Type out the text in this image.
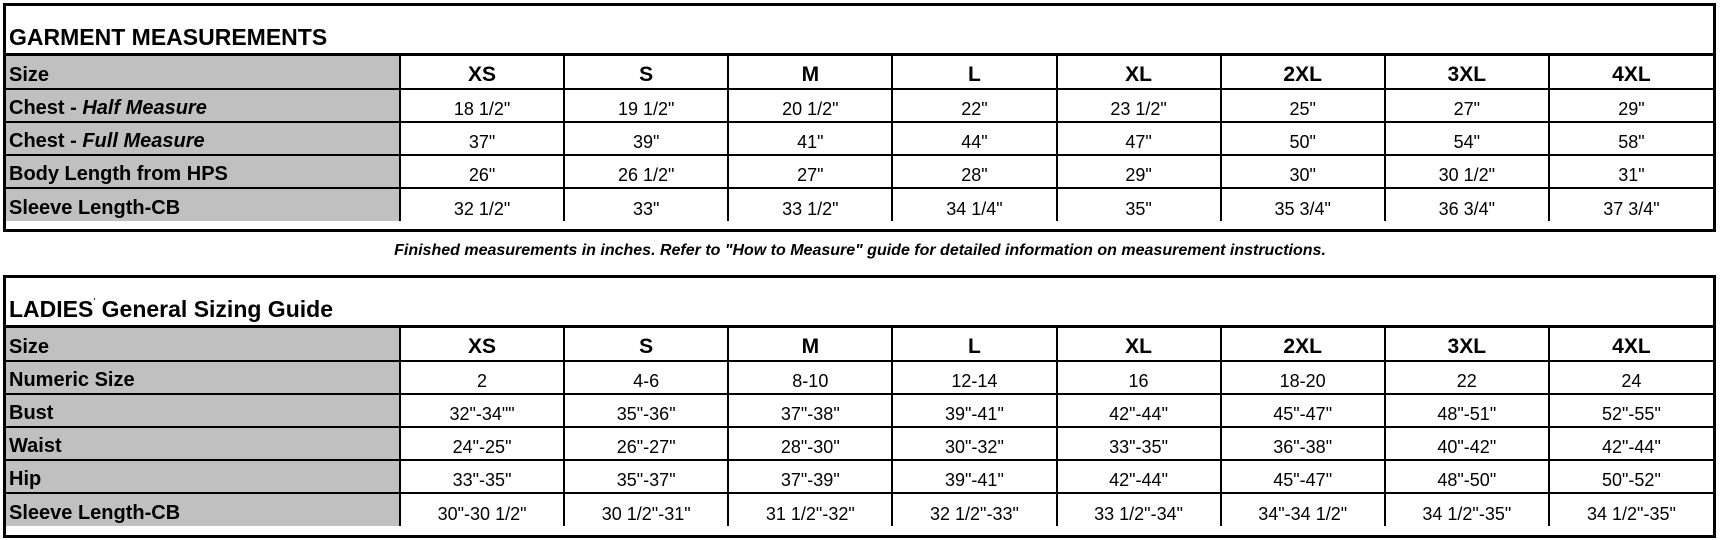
GARMENT MEASUREMENTS
Size	XS	S	M	L	XL	2XL	3XL	4XL
Chest - Half Measure	18 1/2"	19 1/2"	20 1/2"	22"	23 1/2"	25"	27"	29"
Chest - Full Measure	37"	39"	41"	44"	47"	50"	54"	58"
Body Length from HPS	26"	26 1/2"	27"	28"	29"	30"	30 1/2"	31"
Sleeve Length-CB	32 1/2"	33"	33 1/2"	34 1/4"	35"	35 3/4"	36 3/4"	37 3/4"
Finished measurements in inches. Refer to "How to Measure" guide for detailed information on measurement instructions.
LADIES' General Sizing Guide
Size	XS	S	M	L	XL	2XL	3XL	4XL
Numeric Size	2	4-6	8-10	12-14	16	18-20	22	24
Bust	32"-34""	35"-36"	37"-38"	39"-41"	42"-44"	45"-47"	48"-51"	52"-55"
Waist	24"-25"	26"-27"	28"-30"	30"-32"	33"-35"	36"-38"	40"-42"	42"-44"
Hip	33"-35"	35"-37"	37"-39"	39"-41"	42"-44"	45"-47"	48"-50"	50"-52"
Sleeve Length-CB	30"-30 1/2"	30 1/2"-31"	31 1/2"-32"	32 1/2"-33"	33 1/2"-34"	34"-34 1/2"	34 1/2"-35"	34 1/2"-35"
